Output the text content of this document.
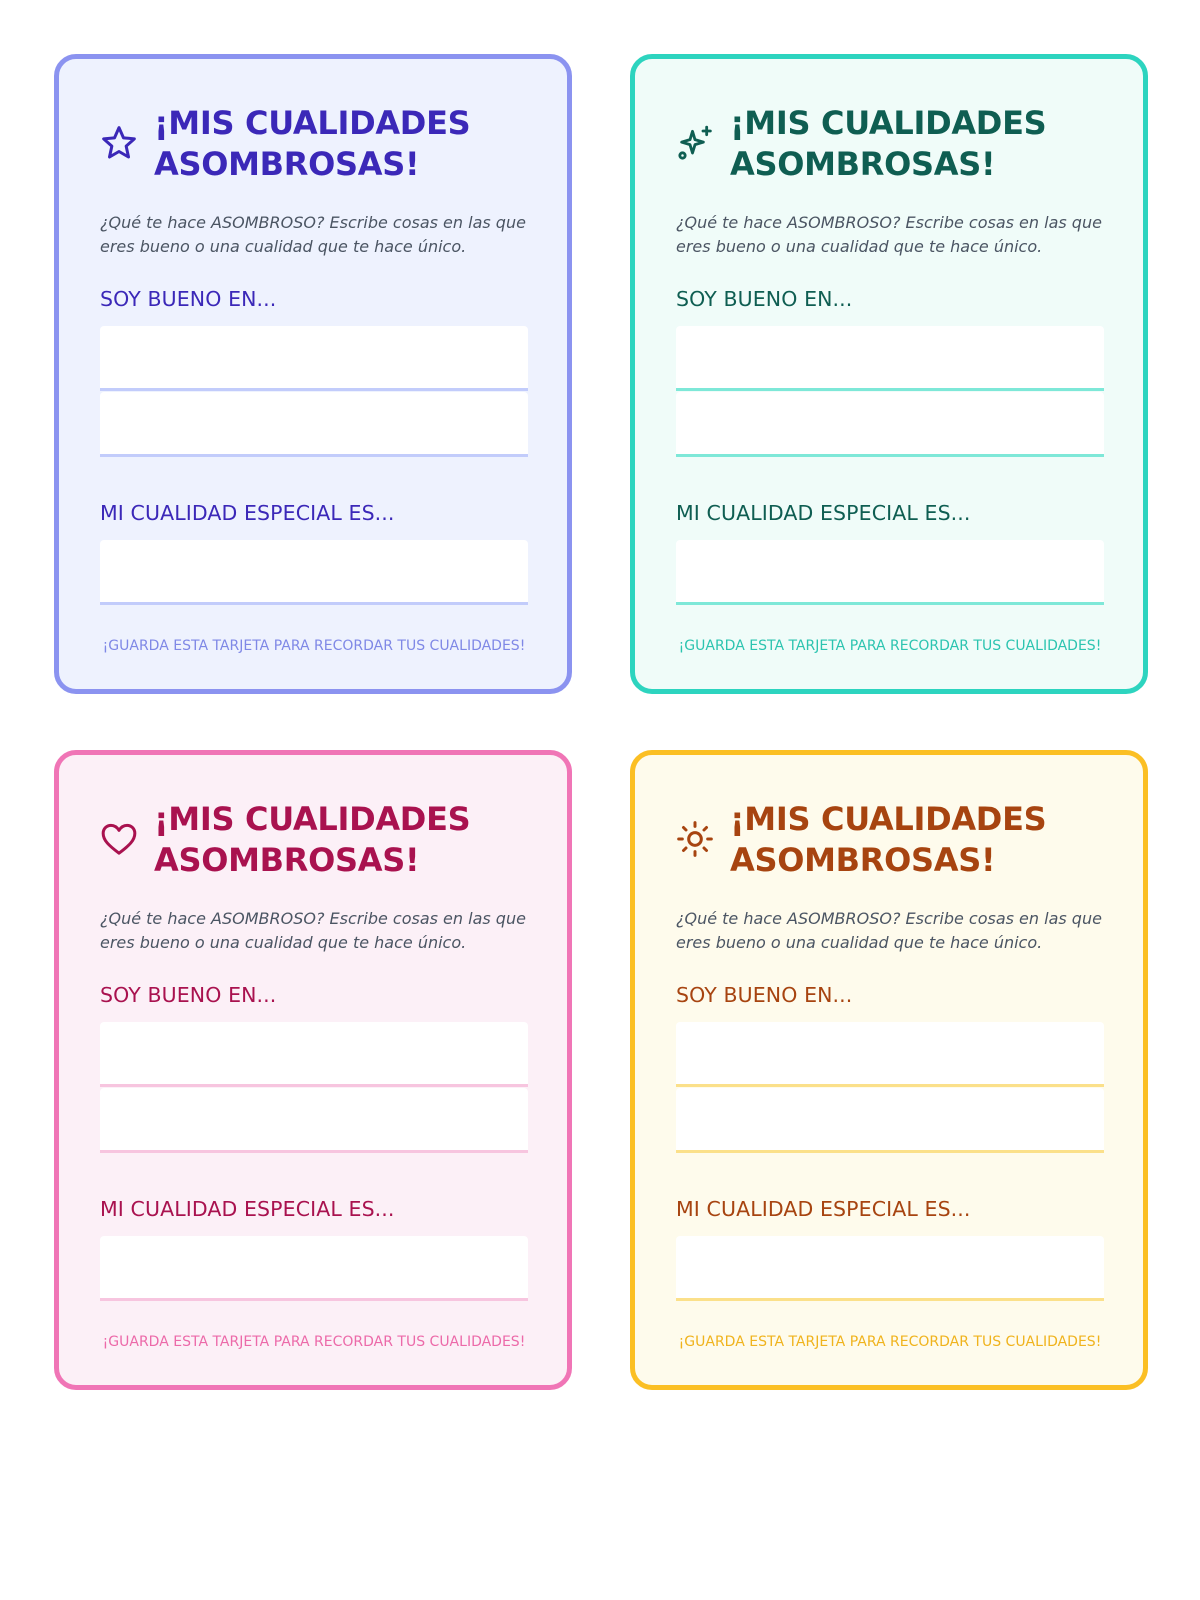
¡MIS CUALIDADES ASOMBROSAS!

¿Qué te hace ASOMBROSO? Escribe cosas en las que eres bueno o una cualidad que te hace único.

SOY BUENO EN...

MI CUALIDAD ESPECIAL ES...

¡GUARDA ESTA TARJETA PARA RECORDAR TUS CUALIDADES!

¡MIS CUALIDADES ASOMBROSAS!

¿Qué te hace ASOMBROSO? Escribe cosas en las que eres bueno o una cualidad que te hace único.

SOY BUENO EN...

MI CUALIDAD ESPECIAL ES...

¡GUARDA ESTA TARJETA PARA RECORDAR TUS CUALIDADES!

¡MIS CUALIDADES ASOMBROSAS!

¿Qué te hace ASOMBROSO? Escribe cosas en las que eres bueno o una cualidad que te hace único.

SOY BUENO EN...

MI CUALIDAD ESPECIAL ES...

¡GUARDA ESTA TARJETA PARA RECORDAR TUS CUALIDADES!

¡MIS CUALIDADES ASOMBROSAS!

¿Qué te hace ASOMBROSO? Escribe cosas en las que eres bueno o una cualidad que te hace único.

SOY BUENO EN...

MI CUALIDAD ESPECIAL ES...

¡GUARDA ESTA TARJETA PARA RECORDAR TUS CUALIDADES!
